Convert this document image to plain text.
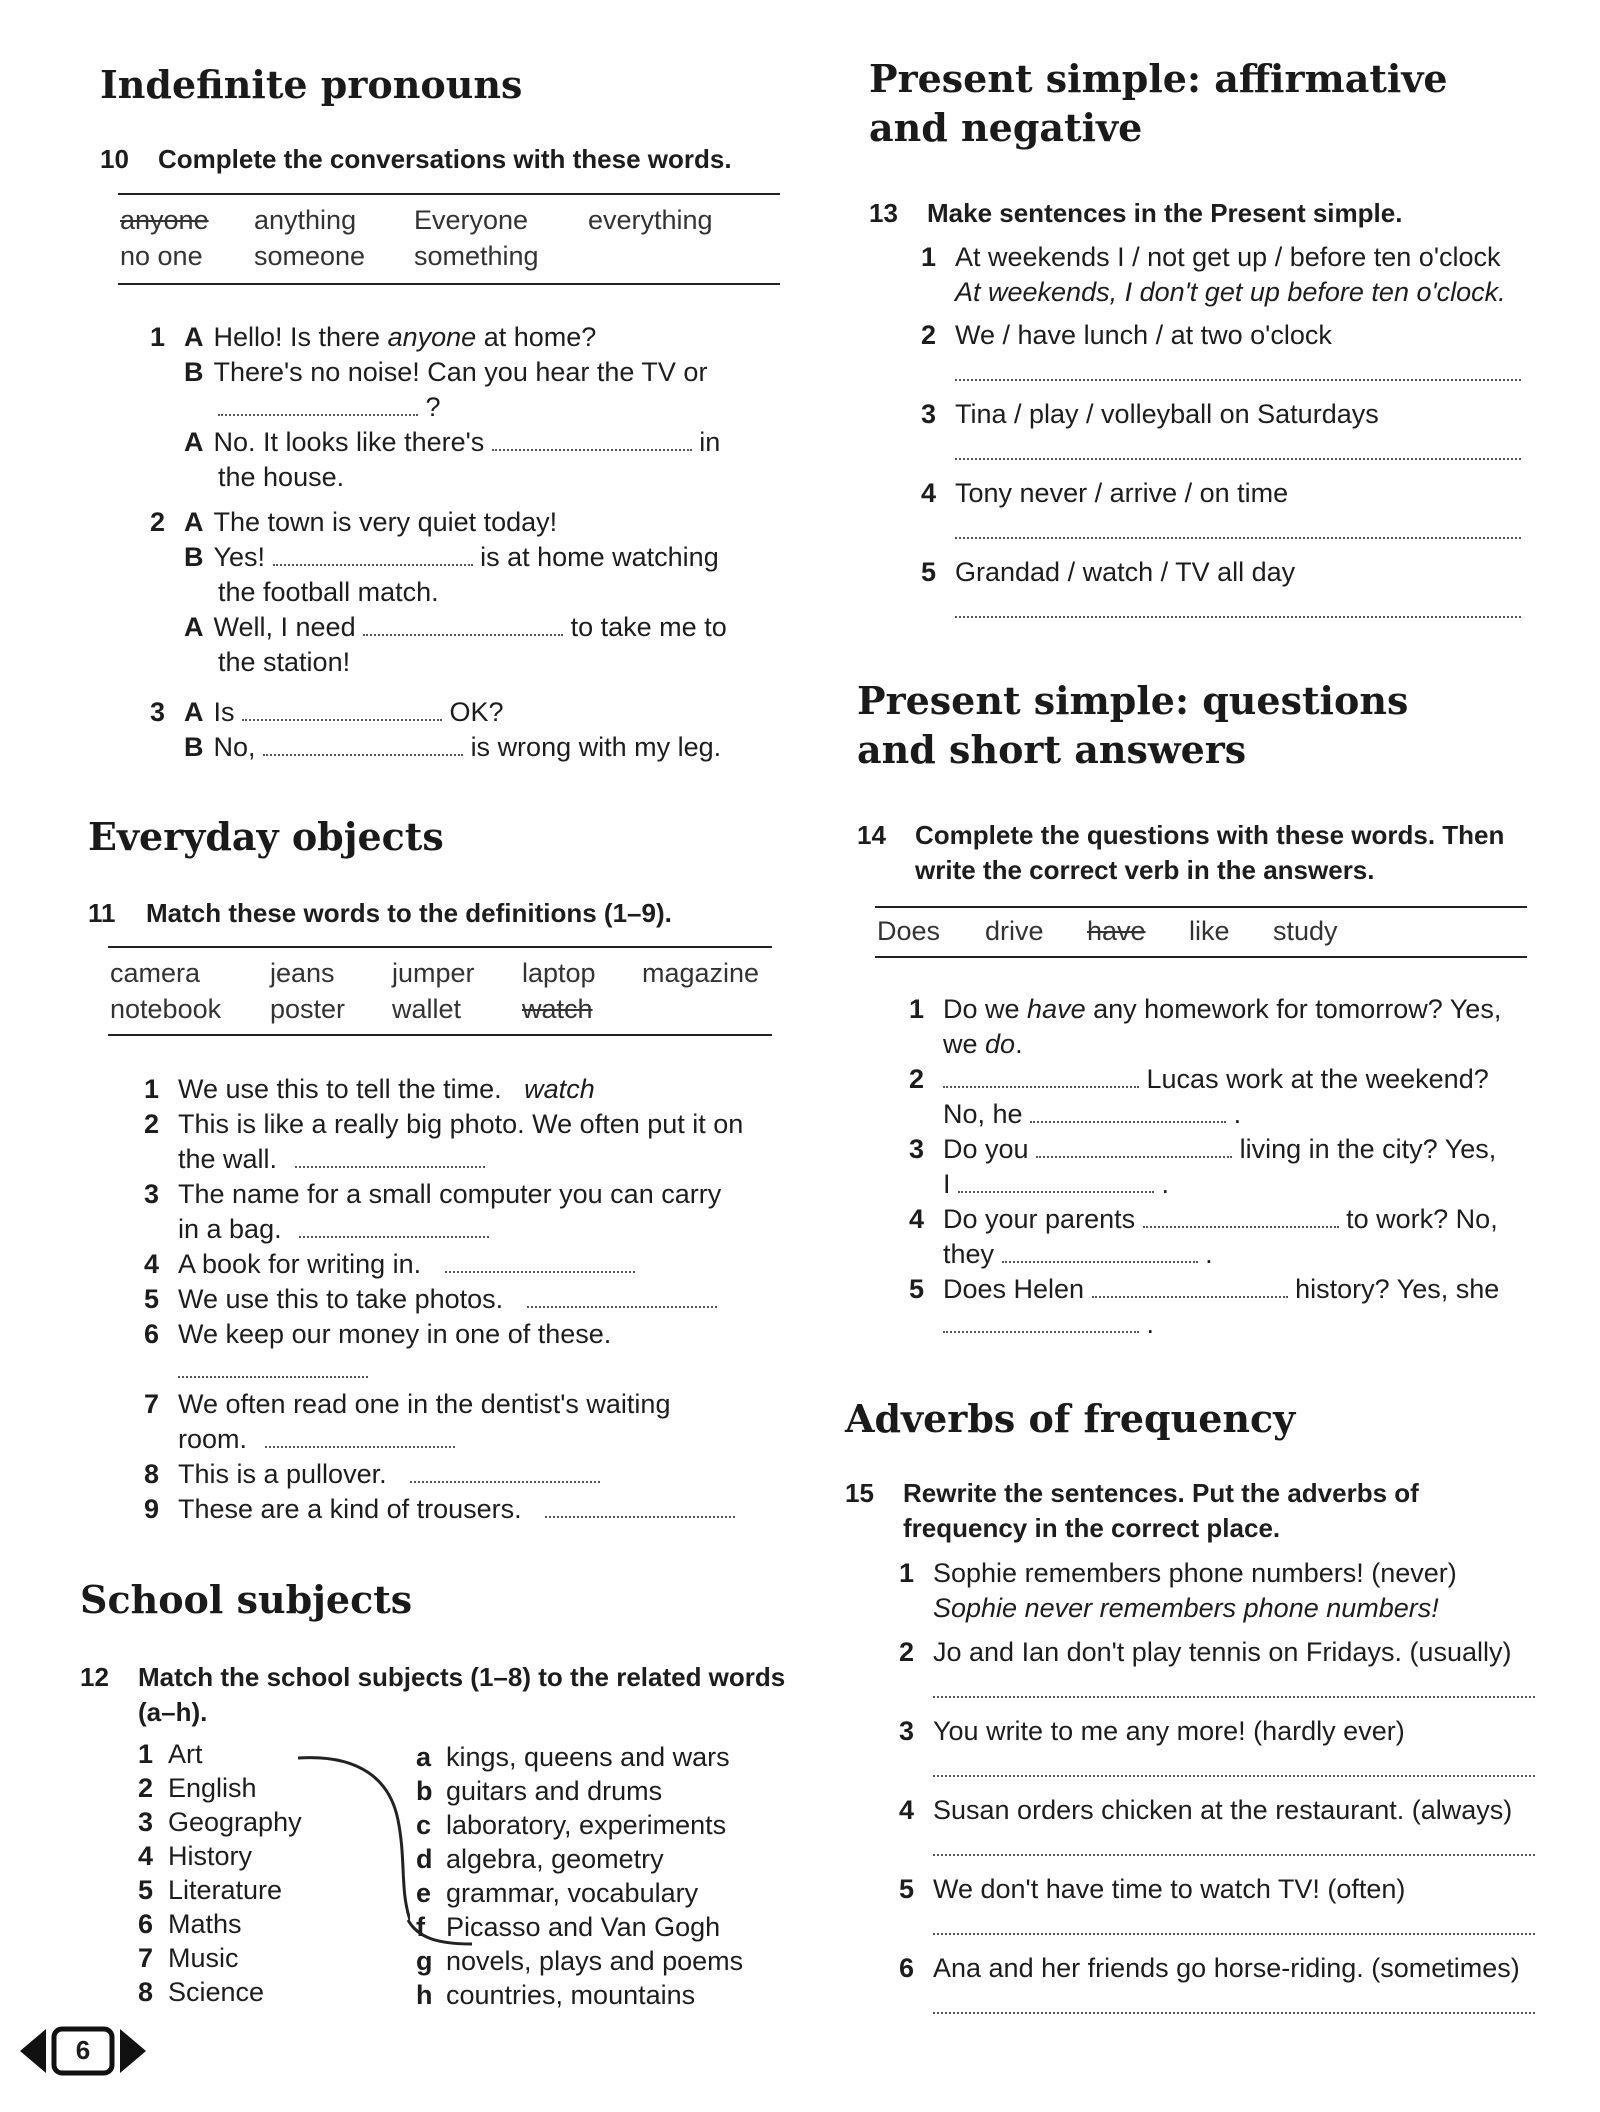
Indefinite pronouns
10 Complete the conversations with these words.
anyone anything Everyone everything
no one someone something
1 A Hello! Is there anyone at home?
B There's no noise! Can you hear the TV or
?
A No. It looks like there's	in
the house.
2 A The town is very quiet today!
B Yes!	is at home watching
the football match.
A Well, I need	to take me to
the station!
3 A Is	OK?
B No,	is wrong with my leg.
Everyday objects
11 Match these words to the definitions (1–9).
camera	jeans jumper laptop magazine
notebook poster wallet watch
1 We use this to tell the time. watch
2 This is like a really big photo. We often put it on
the wall.
3 The name for a small computer you can carry
in a bag.
4 A book for writing in.
5 We use this to take photos.
6 We keep our money in one of these.
7 We often read one in the dentist's waiting
room.
8 This is a pullover.
9 These are a kind of trousers.
School subjects
12 Match the school subjects (1–8) to the related words (a–h).
1 Art
2 English
3 Geography
4 History
5 Literature
6 Maths
7 Music
8 Science
a kings, queens and wars
b guitars and drums
c laboratory, experiments
d algebra, geometry
e grammar, vocabulary
f Picasso and Van Gogh
g novels, plays and poems
h countries, mountains
Present simple: affirmative and negative
13 Make sentences in the Present simple.
1 At weekends I / not get up / before ten o'clock
At weekends, I don't get up before ten o'clock.
2 We / have lunch / at two o'clock
3 Tina / play / volleyball on Saturdays
4 Tony never / arrive / on time
5 Grandad / watch / TV all day
Present simple: questions and short answers
14 Complete the questions with these words. Then write the correct verb in the answers.
Does drive have like study
1 Do we have any homework for tomorrow? Yes,
we do.
2	Lucas work at the weekend?
No, he	.
3 Do you	living in the city? Yes,
I	.
4 Do your parents	to work? No,
they	.
5 Does Helen	history? Yes, she
.
Adverbs of frequency
15 Rewrite the sentences. Put the adverbs of frequency in the correct place.
1 Sophie remembers phone numbers! (never)
Sophie never remembers phone numbers!
2 Jo and Ian don't play tennis on Fridays. (usually)
3 You write to me any more! (hardly ever)
4 Susan orders chicken at the restaurant. (always)
5 We don't have time to watch TV! (often)
6 Ana and her friends go horse-riding. (sometimes)
6
